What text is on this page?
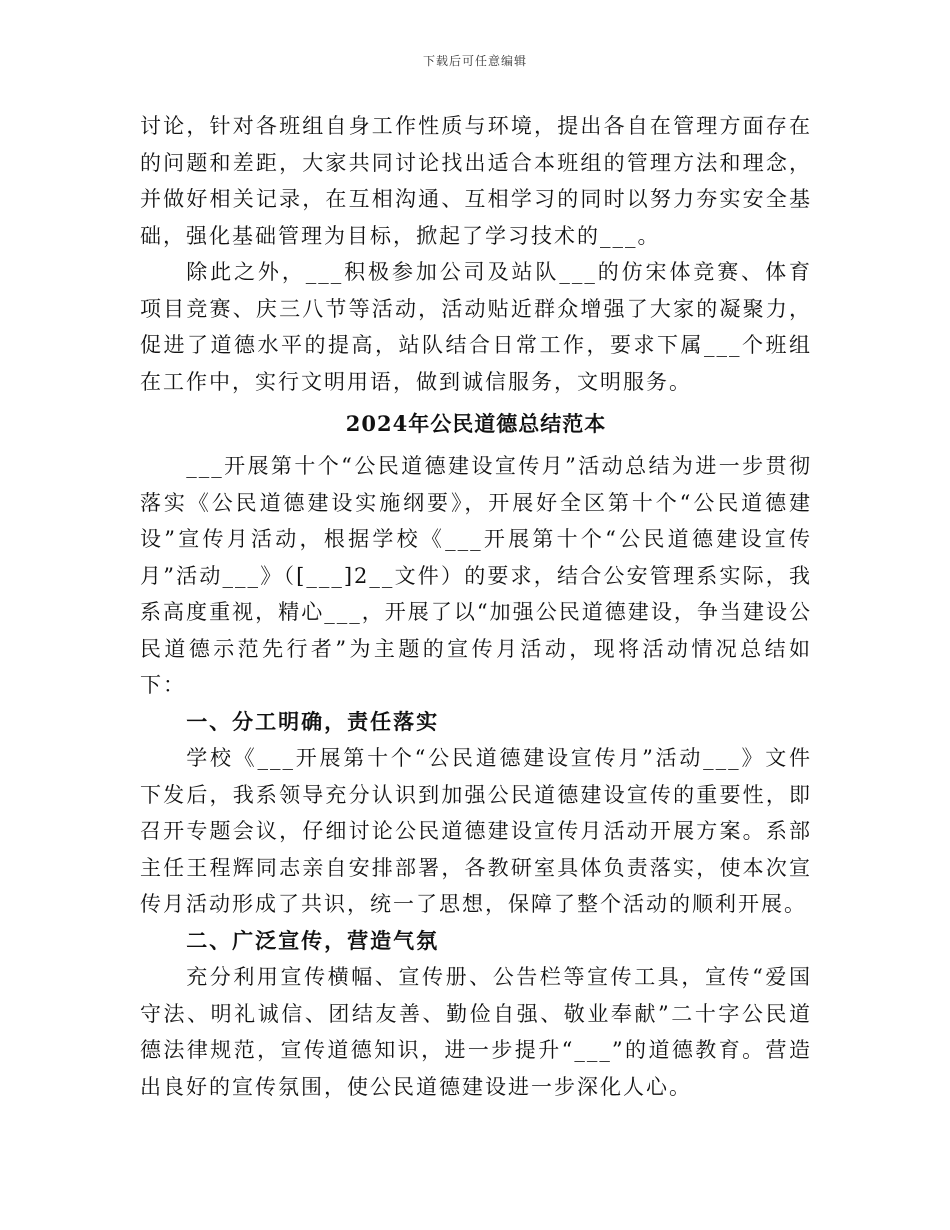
下载后可任意编辑

讨论，针对各班组自身工作性质与环境，提出各自在管理方面存在的问题和差距，大家共同讨论找出适合本班组的管理方法和理念，并做好相关记录，在互相沟通、互相学习的同时以努力夯实安全基础，强化基础管理为目标，掀起了学习技术的___。

除此之外，___积极参加公司及站队___的仿宋体竞赛、体育项目竞赛、庆三八节等活动，活动贴近群众增强了大家的凝聚力，促进了道德水平的提高，站队结合日常工作，要求下属___个班组在工作中，实行文明用语，做到诚信服务，文明服务。

2024年公民道德总结范本

___开展第十个“公民道德建设宣传月”活动总结为进一步贯彻落实《公民道德建设实施纲要》，开展好全区第十个“公民道德建设”宣传月活动，根据学校《___开展第十个“公民道德建设宣传月”活动___》（[___]2__文件）的要求，结合公安管理系实际，我系高度重视，精心___，开展了以“加强公民道德建设，争当建设公民道德示范先行者”为主题的宣传月活动，现将活动情况总结如下：

一、分工明确，责任落实

学校《___开展第十个“公民道德建设宣传月”活动___》文件下发后，我系领导充分认识到加强公民道德建设宣传的重要性，即召开专题会议，仔细讨论公民道德建设宣传月活动开展方案。系部主任王程辉同志亲自安排部署，各教研室具体负责落实，使本次宣传月活动形成了共识，统一了思想，保障了整个活动的顺利开展。

二、广泛宣传，营造气氛

充分利用宣传横幅、宣传册、公告栏等宣传工具，宣传“爱国守法、明礼诚信、团结友善、勤俭自强、敬业奉献”二十字公民道德法律规范，宣传道德知识，进一步提升“___”的道德教育。营造出良好的宣传氛围，使公民道德建设进一步深化人心。
